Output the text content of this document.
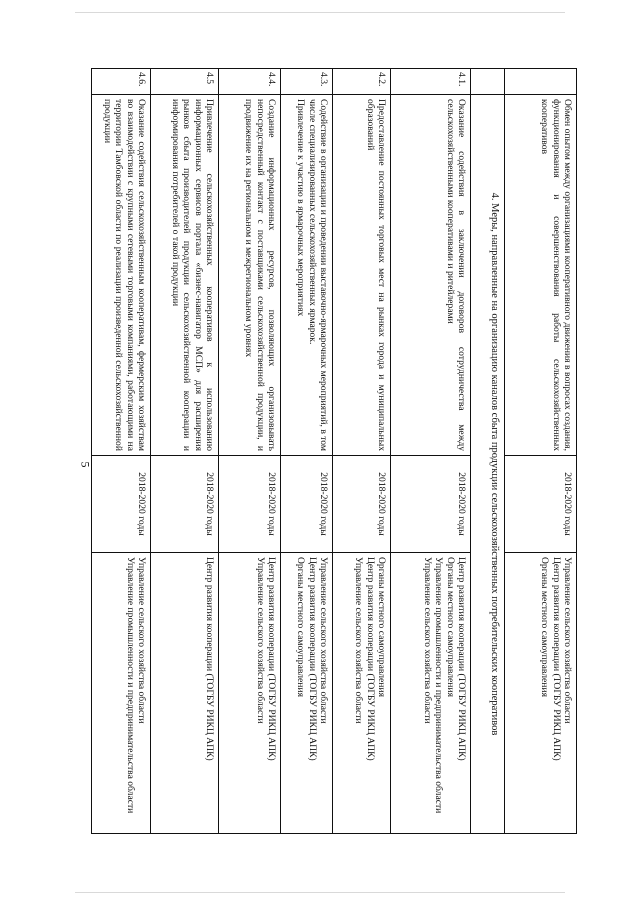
5
	Обмен опытом между организациями кооперативного движения в вопросах создания, функционирования и совершенствования работы сельскохозяйственных кооперативов	2018-2020 годы	Управление сельского хозяйства области
Центр развития кооперации (ТОГБУ РИКЦ АПК)
Органы местного самоуправления

	4. Меры, направленные на организацию каналов сбыта продукции сельскохозяйственных потребительских кооперативов		
4.1.	Оказание содействия в заключении договоров сотрудничества между сельскохозяйственными кооперативами и ритейлерами	2018-2020 годы	Центр развития кооперации (ТОГБУ РИКЦ АПК)
Органы местного самоуправления
Управление промышленности и предпринимательства области
Управление сельского хозяйства области

4.2.	Предоставление постоянных торговых мест на рынках города и муниципальных образований	2018-2020 годы	Органы местного самоуправления
Центр развития кооперации (ТОГБУ РИКЦ АПК)
Управление сельского хозяйства области

4.3.	Содействие в организации и проведении выставочно-ярмарочных мероприятий, в том числе специализированных сельскохозяйственных ярмарок.
Привлечение к участию в ярмарочных мероприятиях	2018-2020 годы	Управление сельского хозяйства области
Центр развития кооперации (ТОГБУ РИКЦ АПК)
Органы местного самоуправления

4.4.	Создание информационных ресурсов, позволяющих организовывать непосредственный контакт с поставщиками сельскохозяйственной продукции, и продвижение их на региональном и межрегиональном уровнях	2018-2020 годы	Центр развития кооперации (ТОГБУ РИКЦ АПК)
Управление сельского хозяйства области

4.5	Привлечение сельскохозяйственных кооперативов к использованию информационных сервисов портала «бизнес-навигатор МСП» для расширения рынков сбыта производителей продукции сельскохозяйственной кооперации и информирования потребителей о такой продукции	2018-2020 годы	Центр развития кооперации (ТОГБУ РИКЦ АПК)

4.6.	Оказание содействия сельскохозяйственным кооперативам, фермерским хозяйствам во взаимодействии с крупными сетевыми торговыми компаниями, работающими на территории Тамбовской области по реализации произведенной сельскохозяйственной продукции	2018-2020 годы	Управление сельского хозяйства области
Управление промышленности и предпринимательства области
